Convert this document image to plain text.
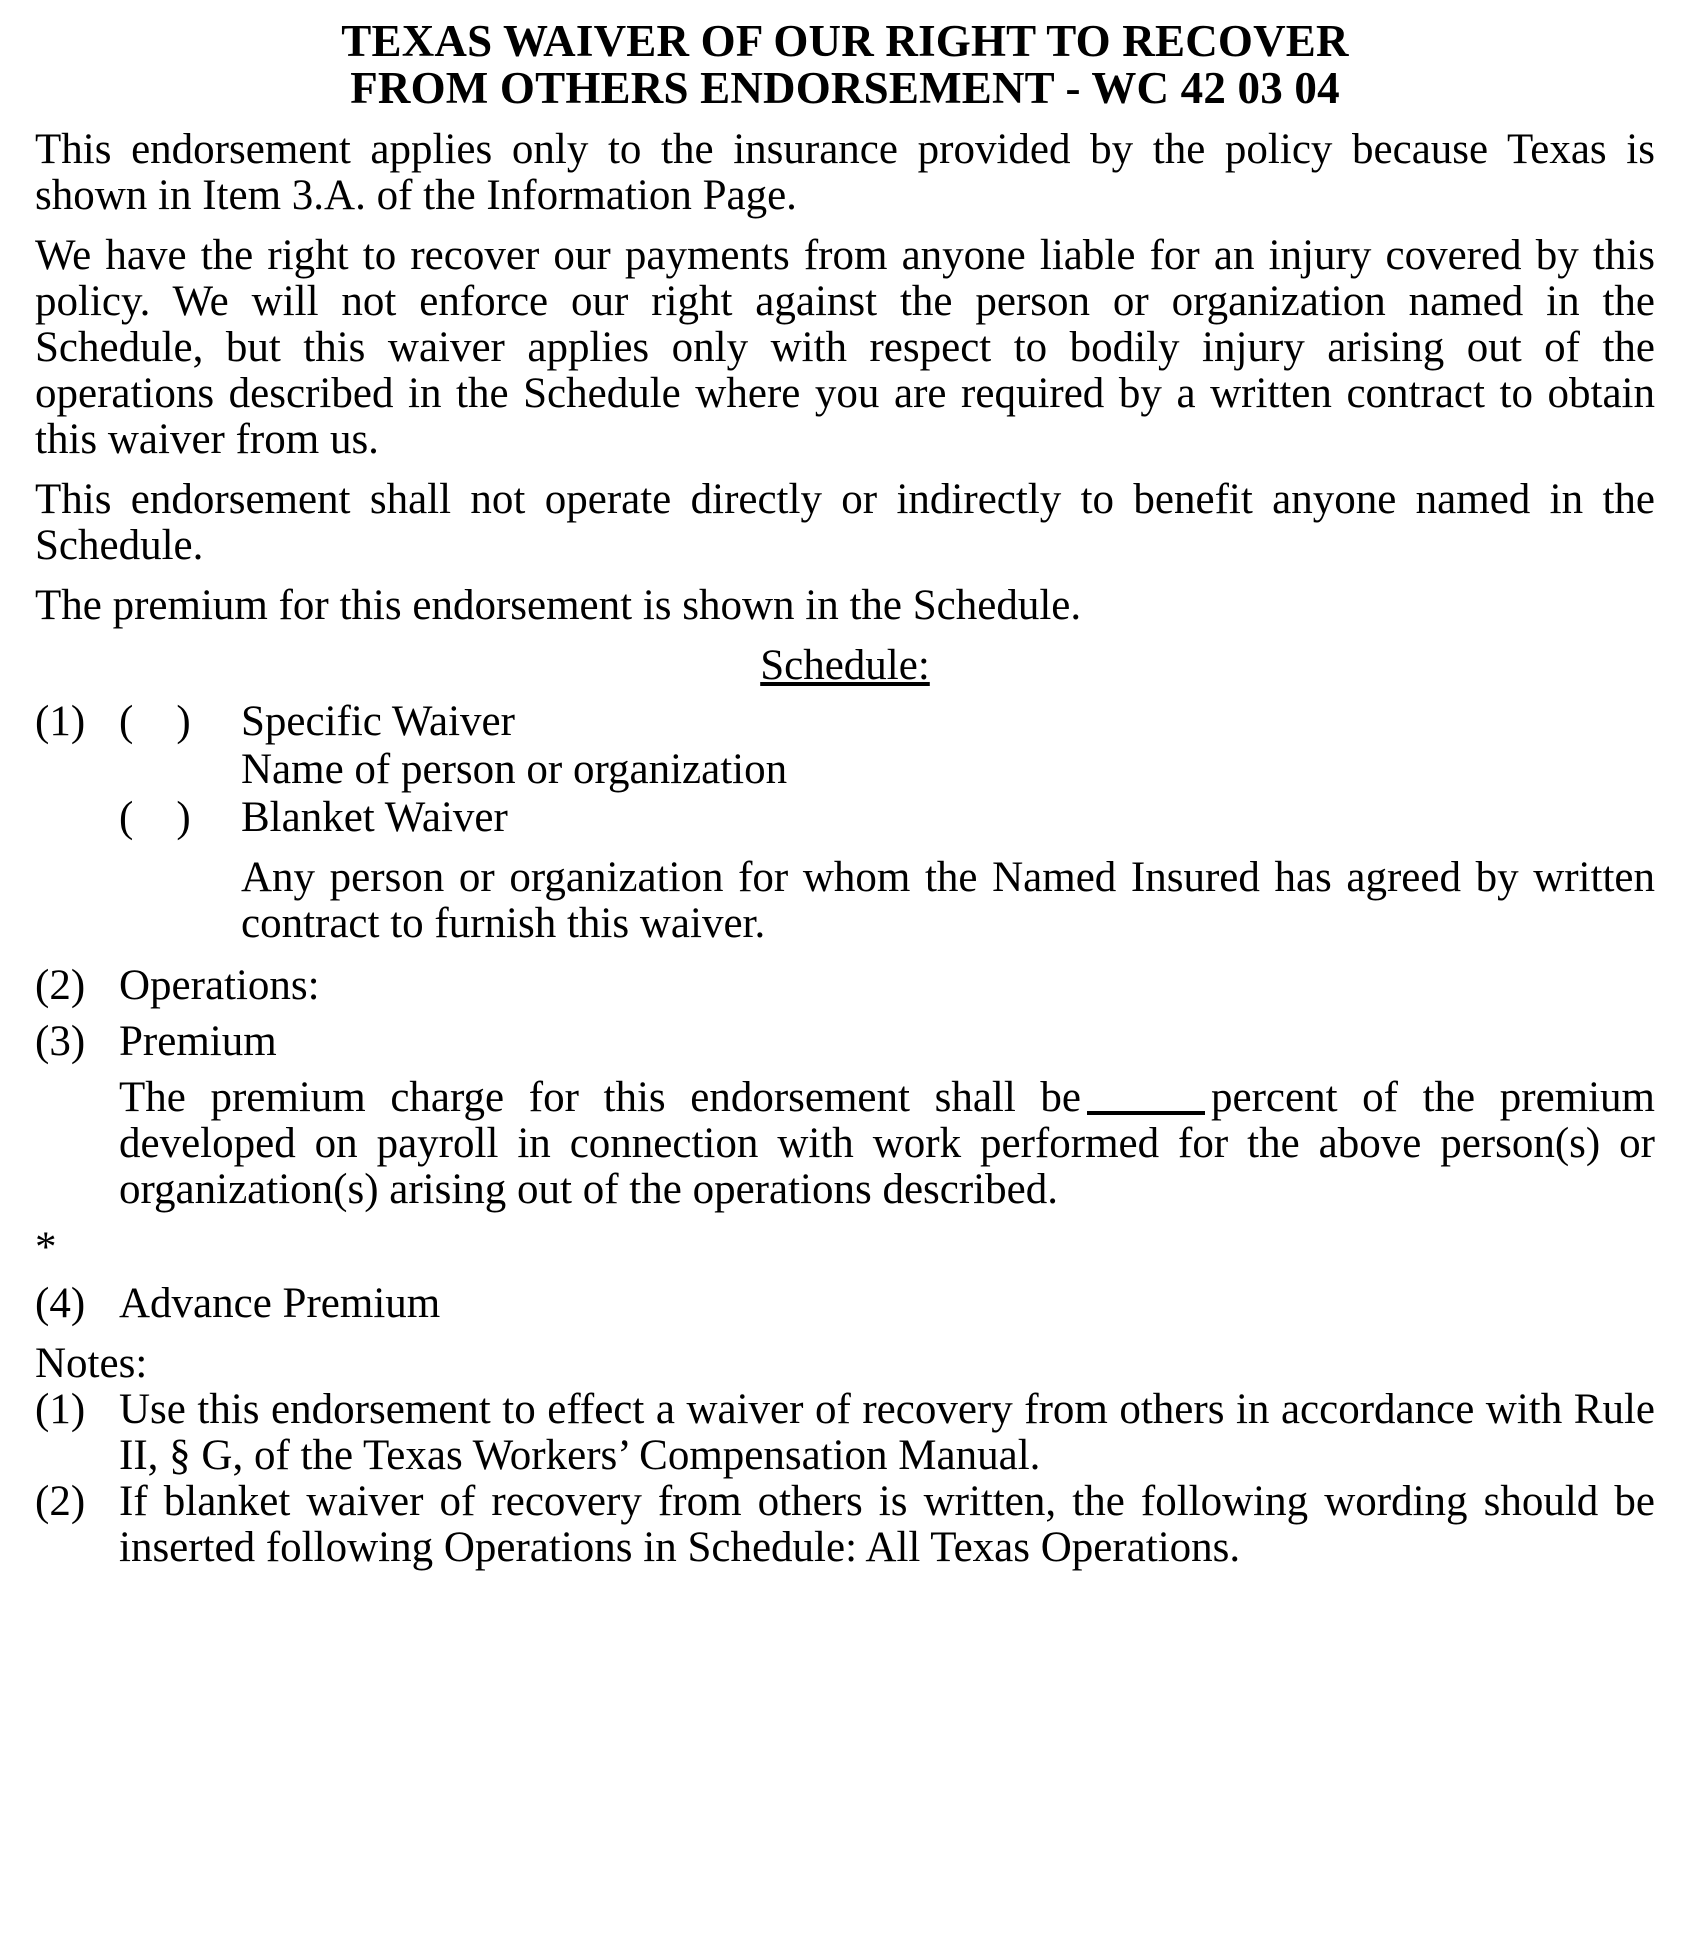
TEXAS WAIVER OF OUR RIGHT TO RECOVER
FROM OTHERS ENDORSEMENT - WC 42 03 04

This endorsement applies only to the insurance provided by the policy because Texas is shown in Item 3.A. of the Information Page.

We have the right to recover our payments from anyone liable for an injury covered by this policy. We will not enforce our right against the person or organization named in the Schedule, but this waiver applies only with respect to bodily injury arising out of the operations described in the Schedule where you are required by a written contract to obtain this waiver from us.

This endorsement shall not operate directly or indirectly to benefit anyone named in the Schedule.

The premium for this endorsement is shown in the Schedule.

Schedule:
(1) (    )	Specific Waiver
Name of person or organization
(    )	Blanket Waiver
Any person or organization for whom the Named Insured has agreed by written contract to furnish this waiver.
(2) Operations:
(3) Premium
The premium charge for this endorsement shall be	percent of the premium developed on payroll in connection with work performed for the above person(s) or organization(s) arising out of the operations described.
*
(4) Advance Premium
Notes:
(1) Use this endorsement to effect a waiver of recovery from others in accordance with Rule II, § G, of the Texas Workers’ Compensation Manual.
(2) If blanket waiver of recovery from others is written, the following wording should be inserted following Operations in Schedule: All Texas Operations.
